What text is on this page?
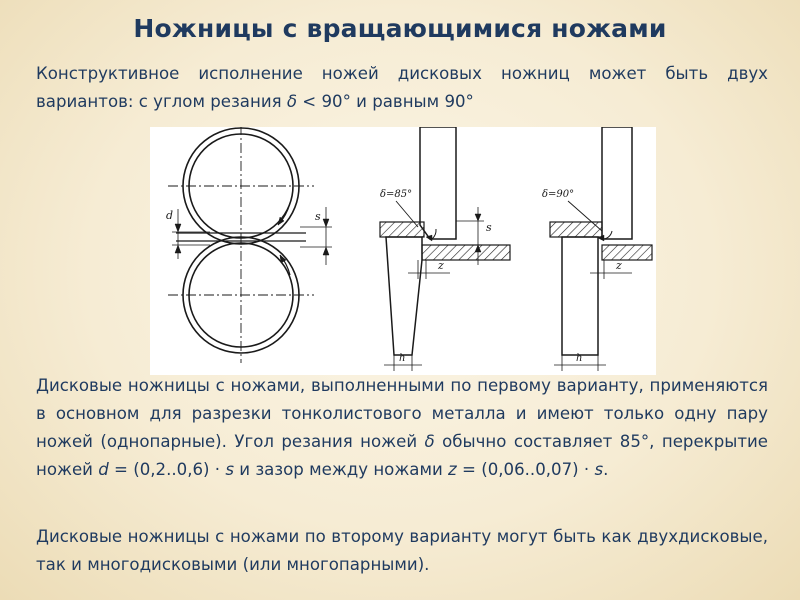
Ножницы с вращающимися ножами
Конструктивное исполнение ножей дисковых ножниц может быть двух вариантов: с углом резания δ < 90° и равным 90°
d	s
δ=85°
s
z
h
δ=90°
z
h
Дисковые ножницы с ножами, выполненными по первому варианту, применяются в основном для разрезки тонколистового металла и имеют только одну пару ножей (однопарные). Угол резания ножей δ обычно составляет 85°, перекрытие ножей d = (0,2..0,6) · s и зазор между ножами z = (0,06..0,07) · s.
Дисковые ножницы с ножами по второму варианту могут быть как двухдисковые, так и многодисковыми (или многопарными).
